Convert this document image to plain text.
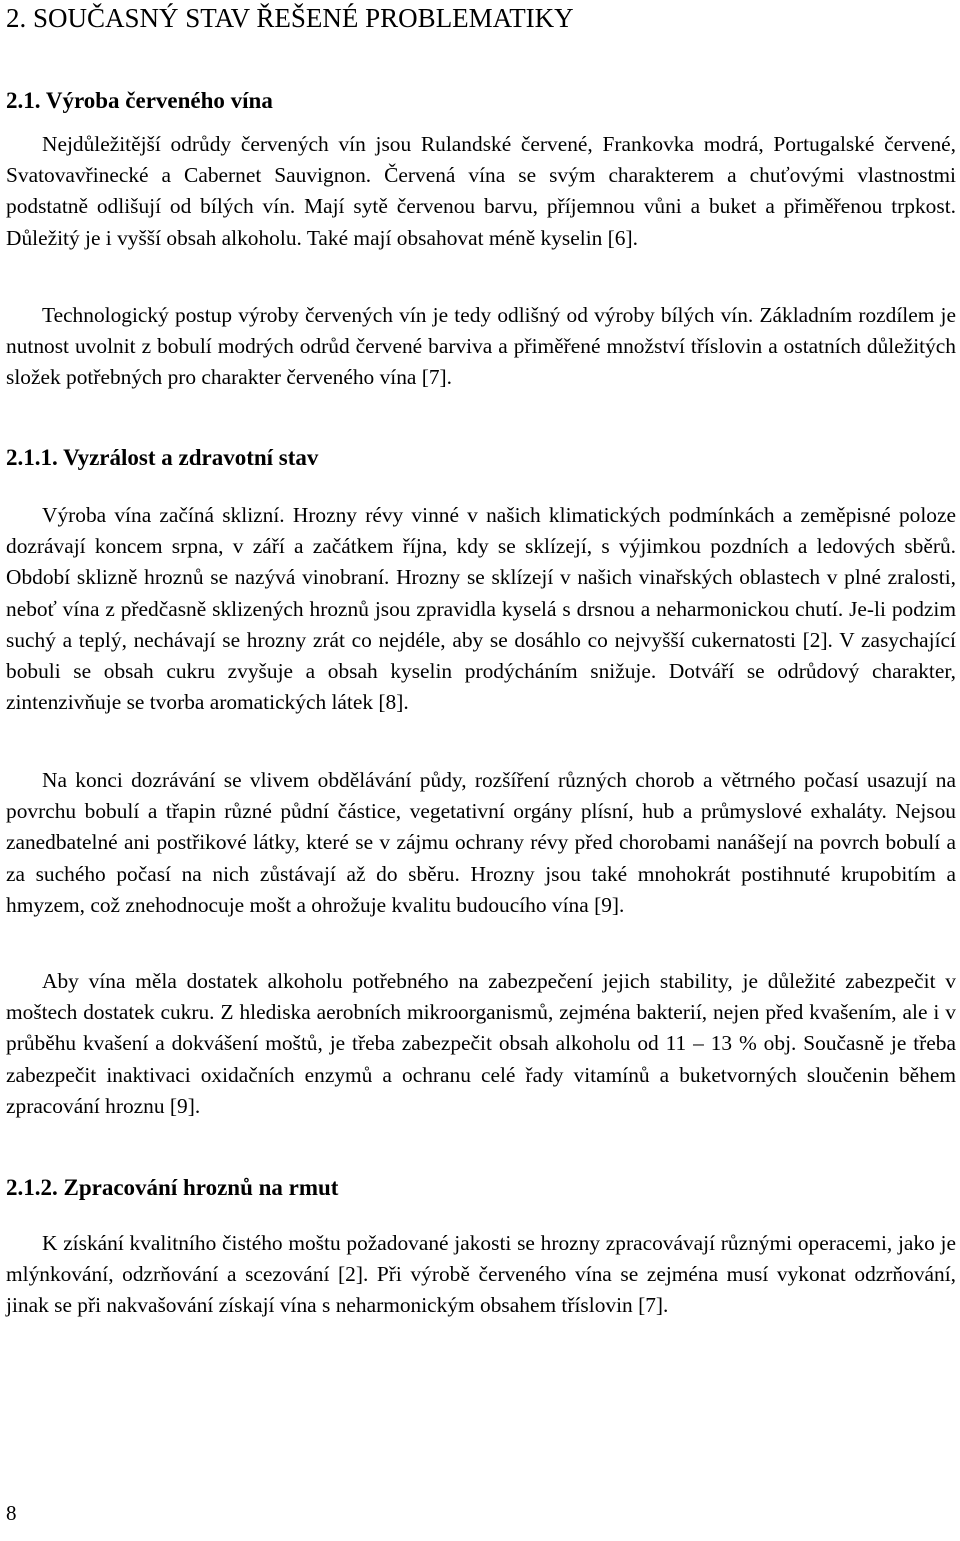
2. SOUČASNÝ STAV ŘEŠENÉ PROBLEMATIKY
2.1. Výroba červeného vína

Nejdůležitější odrůdy červených vín jsou Rulandské červené, Frankovka modrá, Portugalské červené, Svatovavřinecké a Cabernet Sauvignon. Červená vína se svým charakterem a chuťovými vlastnostmi podstatně odlišují od bílých vín. Mají sytě červenou barvu, příjemnou vůni a buket a přiměřenou trpkost. Důležitý je i vyšší obsah alkoholu. Také mají obsahovat méně kyselin [6].

Technologický postup výroby červených vín je tedy odlišný od výroby bílých vín. Základním rozdílem je nutnost uvolnit z bobulí modrých odrůd červené barviva a přiměřené množství tříslovin a ostatních důležitých složek potřebných pro charakter červeného vína [7].

2.1.1. Vyzrálost a zdravotní stav

Výroba vína začíná sklizní. Hrozny révy vinné v našich klimatických podmínkách a zeměpisné poloze dozrávají koncem srpna, v září a začátkem října, kdy se sklízejí, s výjimkou pozdních a ledových sběrů. Období sklizně hroznů se nazývá vinobraní. Hrozny se sklízejí v našich vinařských oblastech v plné zralosti, neboť vína z předčasně sklizených hroznů jsou zpravidla kyselá s drsnou a neharmonickou chutí. Je-li podzim suchý a teplý, nechávají se hrozny zrát co nejdéle, aby se dosáhlo co nejvyšší cukernatosti [2]. V zasychající bobuli se obsah cukru zvyšuje a obsah kyselin prodýcháním snižuje. Dotváří se odrůdový charakter, zintenzivňuje se tvorba aromatických látek [8].

Na konci dozrávání se vlivem obdělávání půdy, rozšíření různých chorob a větrného počasí usazují na povrchu bobulí a třapin různé půdní částice, vegetativní orgány plísní, hub a průmyslové exhaláty. Nejsou zanedbatelné ani postřikové látky, které se v zájmu ochrany révy před chorobami nanášejí na povrch bobulí a za suchého počasí na nich zůstávají až do sběru. Hrozny jsou také mnohokrát postihnuté krupobitím a hmyzem, což znehodnocuje mošt a ohrožuje kvalitu budoucího vína [9].

Aby vína měla dostatek alkoholu potřebného na zabezpečení jejich stability, je důležité zabezpečit v moštech dostatek cukru. Z hlediska aerobních mikroorganismů, zejména bakterií, nejen před kvašením, ale i v průběhu kvašení a dokvášení moštů, je třeba zabezpečit obsah alkoholu od 11 – 13 % obj. Současně je třeba zabezpečit inaktivaci oxidačních enzymů a ochranu celé řady vitamínů a buketvorných sloučenin během zpracování hroznu [9].

2.1.2. Zpracování hroznů na rmut

K získání kvalitního čistého moštu požadované jakosti se hrozny zpracovávají různými operacemi, jako je mlýnkování, odzrňování a scezování [2]. Při výrobě červeného vína se zejména musí vykonat odzrňování, jinak se při nakvašování získají vína s neharmonickým obsahem tříslovin [7].

8
